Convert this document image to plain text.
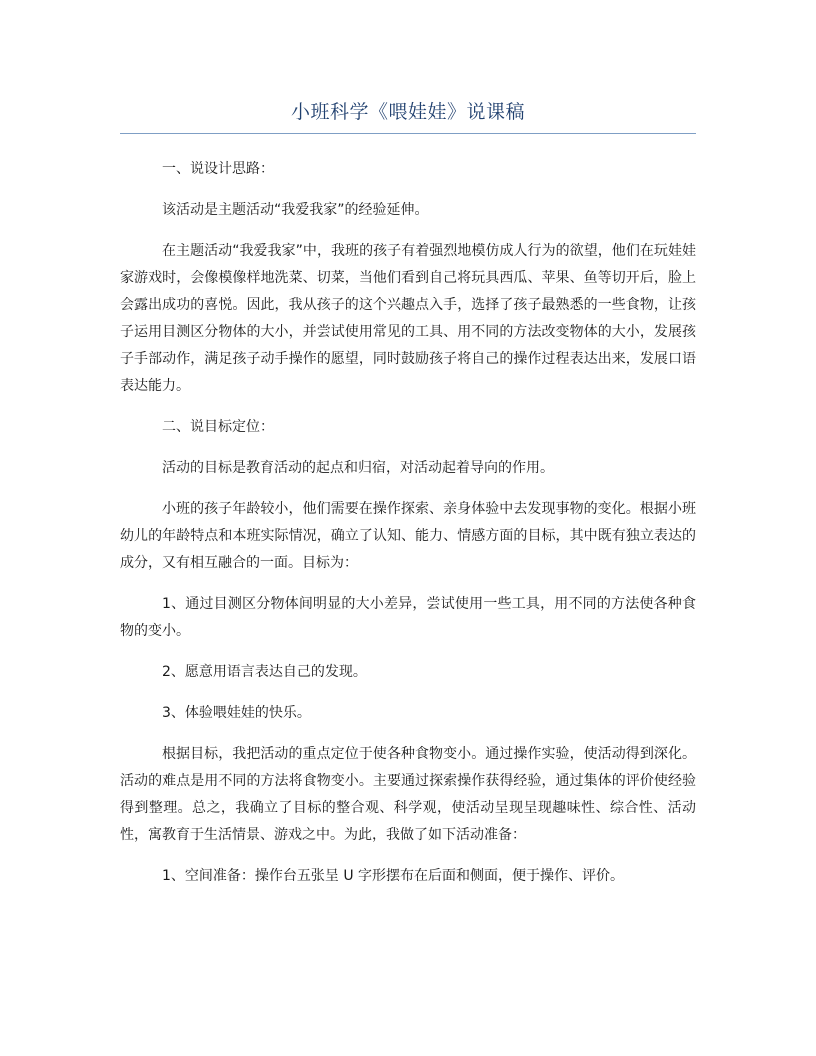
小班科学《喂娃娃》说课稿

一、说设计思路：

该活动是主题活动“我爱我家”的经验延伸。

在主题活动“我爱我家”中，我班的孩子有着强烈地模仿成人行为的欲望，他们在玩娃娃家游戏时，会像模像样地洗菜、切菜，当他们看到自己将玩具西瓜、苹果、鱼等切开后，脸上会露出成功的喜悦。因此，我从孩子的这个兴趣点入手，选择了孩子最熟悉的一些食物，让孩子运用目测区分物体的大小，并尝试使用常见的工具、用不同的方法改变物体的大小，发展孩子手部动作，满足孩子动手操作的愿望，同时鼓励孩子将自己的操作过程表达出来，发展口语表达能力。

二、说目标定位：

活动的目标是教育活动的起点和归宿，对活动起着导向的作用。

小班的孩子年龄较小，他们需要在操作探索、亲身体验中去发现事物的变化。根据小班幼儿的年龄特点和本班实际情况，确立了认知、能力、情感方面的目标，其中既有独立表达的成分，又有相互融合的一面。目标为：

1、通过目测区分物体间明显的大小差异，尝试使用一些工具，用不同的方法使各种食物的变小。

2、愿意用语言表达自己的发现。

3、体验喂娃娃的快乐。

根据目标，我把活动的重点定位于使各种食物变小。通过操作实验，使活动得到深化。活动的难点是用不同的方法将食物变小。主要通过探索操作获得经验，通过集体的评价使经验得到整理。总之，我确立了目标的整合观、科学观，使活动呈现呈现趣味性、综合性、活动性，寓教育于生活情景、游戏之中。为此，我做了如下活动准备：

1、空间准备：操作台五张呈 U 字形摆布在后面和侧面，便于操作、评价。
